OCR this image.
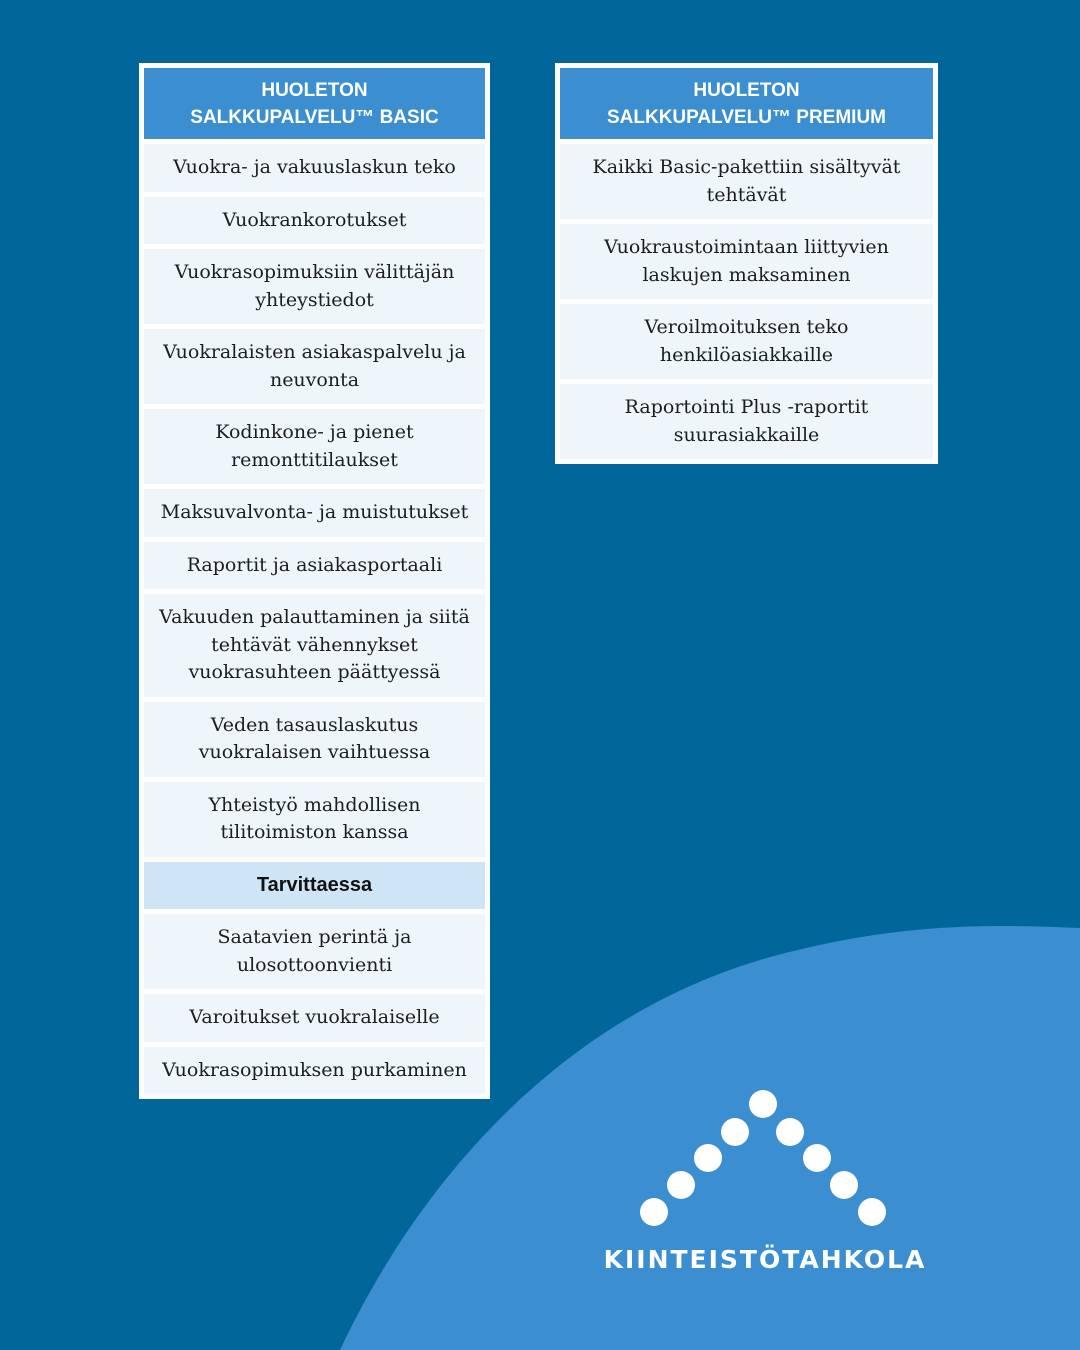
HUOLETON
SALKKUPALVELU™ BASIC
Vuokra- ja vakuuslaskun teko
Vuokrankorotukset
Vuokrasopimuksiin välittäjän yhteystiedot
Vuokralaisten asiakaspalvelu ja neuvonta
Kodinkone- ja pienet remonttitilaukset
Maksuvalvonta- ja muistutukset
Raportit ja asiakasportaali
Vakuuden palauttaminen ja siitä tehtävät vähennykset vuokrasuhteen päättyessä
Veden tasauslaskutus vuokralaisen vaihtuessa
Yhteistyö mahdollisen tilitoimiston kanssa
Tarvittaessa
Saatavien perintä ja ulosottoonvienti
Varoitukset vuokralaiselle
Vuokrasopimuksen purkaminen
HUOLETON
SALKKUPALVELU™ PREMIUM
Kaikki Basic-pakettiin sisältyvät tehtävät
Vuokraustoimintaan liittyvien laskujen maksaminen
Veroilmoituksen teko henkilöasiakkaille
Raportointi Plus -raportit suurasiakkaille
KIINTEISTÖTAHKOLA
